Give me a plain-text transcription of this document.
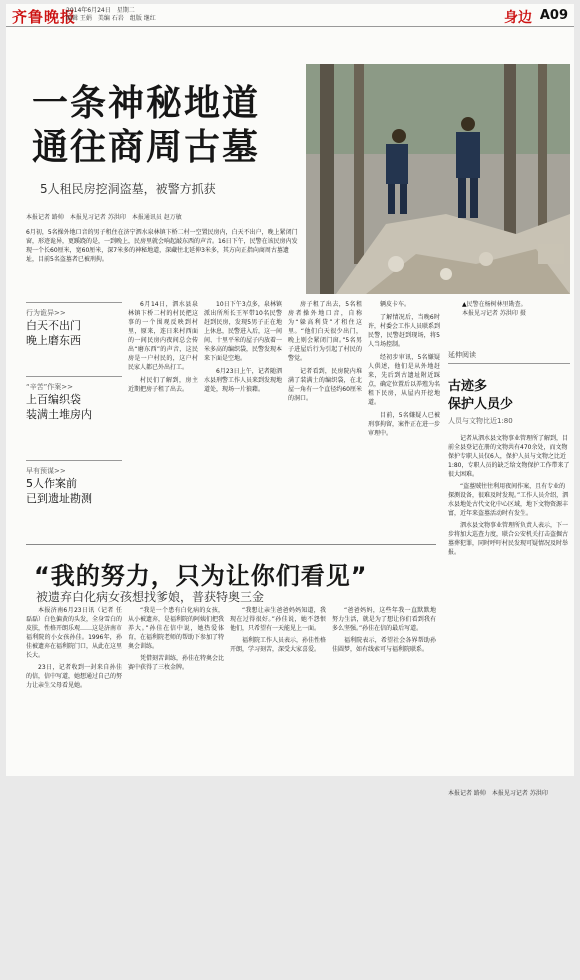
齐鲁晚报
2014年6月24日　星期二
编辑 王娟　美编 石岩　组版 继红	身边 A09
一条神秘地道
通往商周古墓
5人租民房挖洞盗墓，被警方抓获
本报记者 路帅　本报见习记者 苏洪印　本报通讯员 赵万敏
6月初，5名操外地口音的男子租住在济宁泗水泉林镇卞桥二村一空置民房内，白天不出户，晚上紧闭门窗，形迹诡异，更蹊跷的是，一到晚上，民房里就会响起敲东西的声音。16日下午，民警在该民房内发现一个长60厘米，宽60厘米，深7米多的神秘地道，深藏往北延伸3米多，其方向正指向商周古墓遗址，目前5名盗墓者已被刑拘。
▲民警在杨树林里勘查。
本报见习记者 苏洪印 摄
行为诡异>>
白天不出门
晚上磨东西
“辛苦”作案>>
上百编织袋
装满土堆房内
早有预谋>>
5人作案前
已到遗址勘测

6月14日，泗水县泉林镇卞桥二村的村民把这事的一个围观反映到村里，原来，连日来村西面的一间民房内夜间总会传出“磨东西”的声音，这民房是一户村民的，这户村民家人都已外出打工。

村民们了解到，房主近期把房子租了出去。

10日下午3点多，泉林镇派出所所长王军带10名民警赶到民房，发现5男子正在地上休息，民警进入后，这一间间、十里平米的屋子内放着一米多高的编织袋，民警发现本来下面是空地。

6月23日上午，记者随泗水县刑警工作人员来到发现地道处，现场一片狼藉。

房子租了出去，5名租房者操外地口音，自称为“躲高利贷”才租住这里。“他们白天很少出门，晚上则会紧闭门窗。”5名男子进屋后行为引起了村民的警觉。

记者看到，民房院内堆满了装满土的编织袋，在北屋一角有一个直径约60厘米的洞口。

辆皮卡车。

了解情况后，当晚6时许，村委会工作人员联系到民警，民警赶到现场，将5人当场控制。

经初步审讯，5名嫌疑人供述，他们是从外地赶来，先后到古遗址附近踩点，确定位置后以养殖为名租下民房，从屋内开挖地道。

目前，5名嫌疑人已被刑事拘留，案件正在进一步审理中。

延伸阅读
古迹多
保护人员少
人员与文物比近1:80

记者从泗水县文物事业管理所了解到，目前全县登记在册的文物共有470余处，而文物保护专职人员仅6人，保护人员与文物之比近1:80，专职人员的缺乏给文物保护工作带来了很大困难。

“盗墓贼往往利用夜间作案，且有专业的探测设备，很难及时发现。”工作人员介绍，泗水县地处古代文化中心区域，地下文物资源丰富，近年来盗墓活动时有发生。

泗水县文物事业管理所负责人表示，下一步将加大巡查力度，联合公安机关打击盗掘古墓葬犯罪，同时呼吁村民发现可疑情况及时举报。

本报记者 路帅　本报见习记者 苏洪印
“我的努力，只为让你们看见”
被遗弃白化病女孩想找爹娘，普获特奥三金

本报济南6月23日讯（记者 任磊磊）白色偏黄的头发，全身雪白的皮肤，性格开朗乐观……这是济南市福利院的小女孩孙佳。1996年，孙佳被遗弃在福利院门口，从此在这里长大。

23日，记者收到一封来自孙佳的信，信中写道，她想通过自己的努力让亲生父母看见她。

“我是一个患有白化病的女孩，从小被遗弃，是福利院的阿姨们把我养大。”孙佳在信中说，她热爱体育，在福利院老师的帮助下参加了特奥会训练。

凭借刻苦训练，孙佳在特奥会比赛中获得了三枚金牌。

“我想让亲生爸爸妈妈知道，我现在过得很好。”孙佳说，她不怨恨他们，只希望有一天能见上一面。

福利院工作人员表示，孙佳性格开朗，学习刻苦，深受大家喜爱。

“爸爸妈妈，这些年我一直默默地努力生活，就是为了想让你们看到我有多么坚强。”孙佳在信的最后写道。

福利院表示，希望社会各界帮助孙佳圆梦，如有线索可与福利院联系。
